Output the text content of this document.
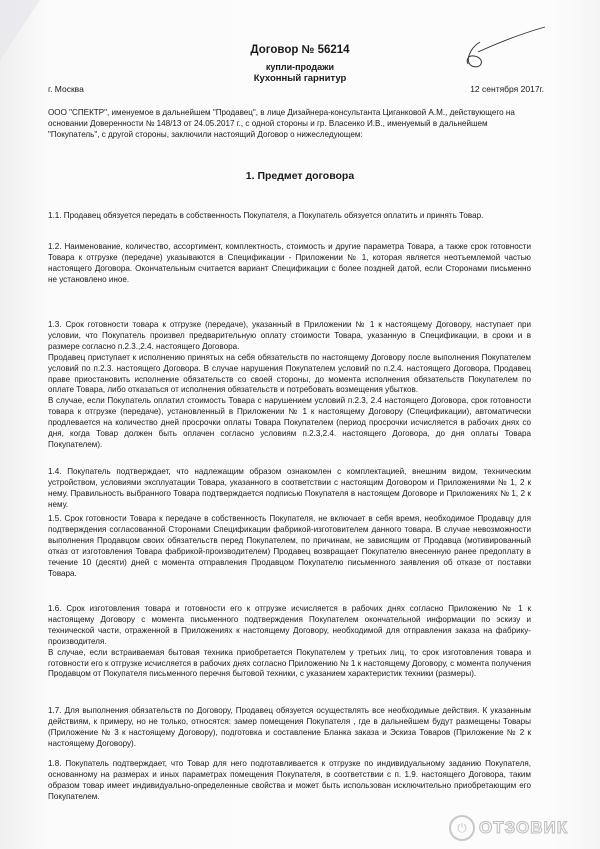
Договор № 56214
купли-продажи
Кухонный гарнитур
г. Москва	12 сентября 2017г.
ООО "СПЕКТР", именуемое в дальнейшем "Продавец", в лице Дизайнера-консультанта Циганковой А.М., действующего на основании Доверенности № 148/13 от 24.05.2017 г., с одной стороны и гр. Власенко И.В., именуемый в дальнейшем "Покупатель", с другой стороны, заключили настоящий Договор о нижеследующем:
1. Предмет договора
1.1. Продавец обязуется передать в собственность Покупателя, а Покупатель обязуется оплатить и принять Товар.
1.2. Наименование, количество, ассортимент, комплектность, стоимость и другие параметра Товара, а также срок готовности Товара к отгрузке (передаче) указываются в Спецификации - Приложении № 1, которая является неотъемлемой частью настоящего Договора. Окончательным считается вариант Спецификации с более поздней датой, если Сторонами письменно не установлено иное.

1.3. Срок готовности товара к отгрузке (передаче), указанный в Приложении № 1 к настоящему Договору, наступает при условии, что Покупатель произвел предварительную оплату стоимости Товара, указанную в Спецификации, в сроки и в размере согласно п.2.3.,2.4. настоящего Договора.

Продавец приступает к исполнению принятых на себя обязательств по настоящему Договору после выполнения Покупателем условий по п.2.3. настоящего Договора. В случае нарушения Покупателем условий по п.2.4. настоящего Договора, Продавец праве приостановить исполнение обязательств со своей стороны, до момента исполнения обязательств Покупателем по оплате Товара, либо отказаться от исполнения обязательств и потребовать возмещения убытков.

В случае, если Покупатель оплатил стоимость Товара с нарушением условий п.2.3, 2.4 настоящего Договора, срок готовности товара к отгрузке (передаче), установленный в Приложении № 1 к настоящему Договору (Спецификации), автоматически продлевается на количество дней просрочки оплаты Товара Покупателем (период просрочки исчисляется в рабочих днях со дня, когда Товар должен быть оплачен согласно условиям п.2.3,2.4. настоящего Договора, до дня оплаты Товара Покупателем).

1.4. Покупатель подтверждает, что надлежащим образом ознакомлен с комплектацией, внешним видом, техническим устройством, условиями эксплуатации Товара, указанного в соответствии с настоящим Договором и Приложениями № 1, 2 к нему. Правильность выбранного Товара подтверждается подписью Покупателя в настоящем Договоре и Приложениях № 1, 2 к нему.
1.5. Срок готовности Товара к передаче в собственность Покупателя, не включает в себя время, необходимое Продавцу для подтверждения согласованной Сторонами Спецификации фабрикой-изготовителем данного товара. В случае невозможности выполнения Продавцом своих обязательств перед Покупателем, по причинам, не зависящим от Продавца (мотивированный отказ от изготовления Товара фабрикой-производителем) Продавец возвращает Покупателю внесенную ранее предоплату в течение 10 (десяти) дней с момента отправления Продавцом Покупателю письменного заявления об отказе от поставки Товара.

1.6. Срок изготовления товара и готовности его к отгрузке исчисляется в рабочих днях согласно Приложению № 1 к настоящему Договору с момента письменного подтверждения Покупателем окончательной информации по эскизу и технической части, отраженной в Приложениях к настоящему Договору, необходимой для отправления заказа на фабрику-производителя.

В случае, если встраиваемая бытовая техника приобретается Покупателем у третьих лиц, то срок изготовления товара и готовности его к отгрузке исчисляется в рабочих днях согласно Приложению № 1 к настоящему Договору, с момента получения Продавцом от Покупателя письменного перечня бытовой техники, с указанием характеристик техники (размеры).

1.7. Для выполнения обязательств по Договору, Продавец обязуется осуществлять все необходимые действия. К указанным действиям, к примеру, но не только, относятся: замер помещения Покупателя , где в дальнейшем будут размещены Товары (Приложение № 3 к настоящему Договору), подготовка и составление Бланка заказа и Эскиза Товаров (Приложение № 2 к настоящему Договору).
1.8. Покупатель подтверждает, что Товар для него подготавливается к отгрузке по индивидуальному заданию Покупателя, основанному на размерах и иных параметрах помещения Покупателя, в соответствии с п. 1.9. настоящего Договора, таким образом товар имеет индивидуально-определенные свойства и может быть использован исключительно приобретающим его Покупателем.
⏻ ОТЗОВИК
